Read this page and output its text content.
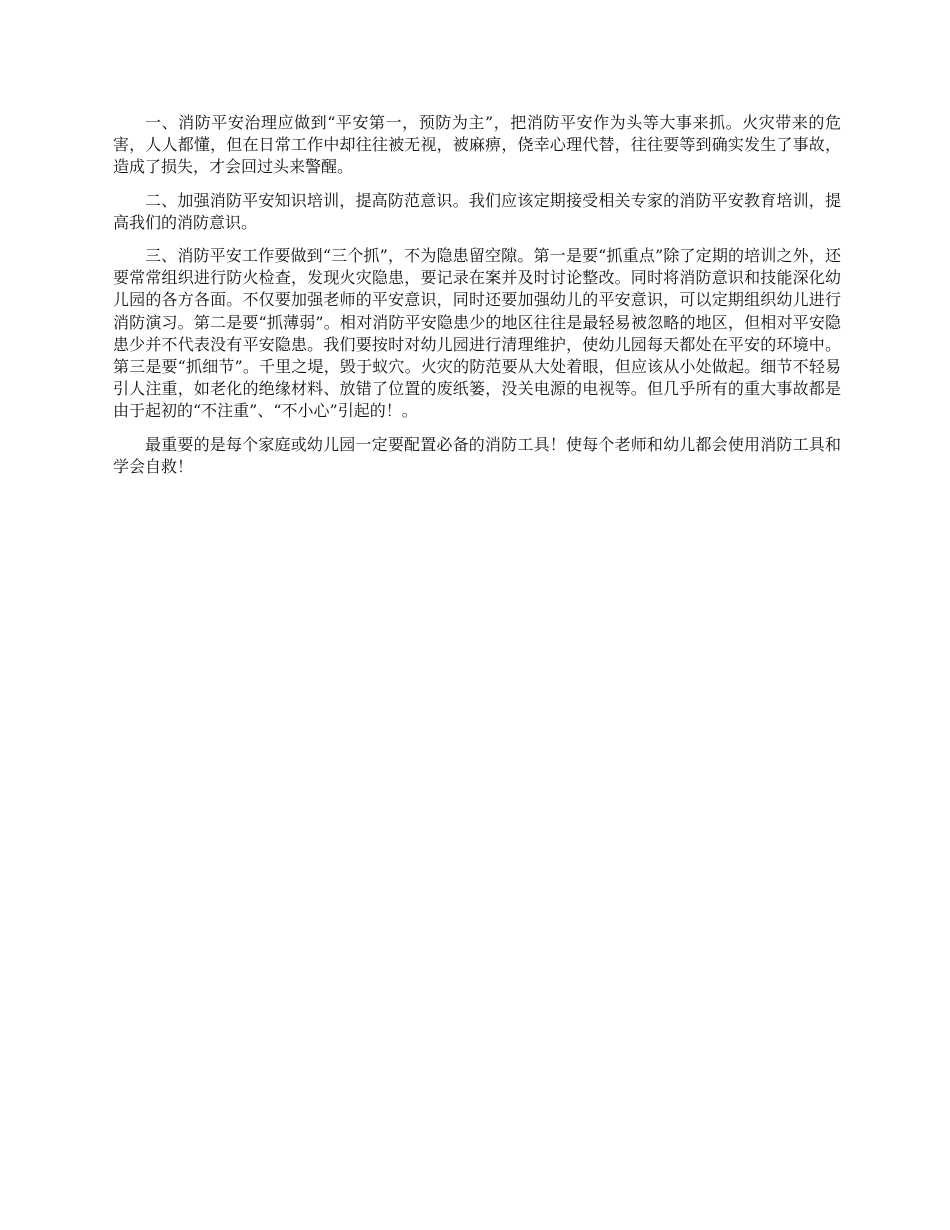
一、消防平安治理应做到“平安第一，预防为主”，把消防平安作为头等大事来抓。火灾带来的危害，人人都懂，但在日常工作中却往往被无视，被麻痹，侥幸心理代替，往往要等到确实发生了事故，造成了损失，才会回过头来警醒。

二、加强消防平安知识培训，提高防范意识。我们应该定期接受相关专家的消防平安教育培训，提高我们的消防意识。

三、消防平安工作要做到“三个抓”，不为隐患留空隙。第一是要“抓重点”除了定期的培训之外，还要常常组织进行防火检查，发现火灾隐患，要记录在案并及时讨论整改。同时将消防意识和技能深化幼儿园的各方各面。不仅要加强老师的平安意识，同时还要加强幼儿的平安意识，可以定期组织幼儿进行消防演习。第二是要“抓薄弱”。相对消防平安隐患少的地区往往是最轻易被忽略的地区，但相对平安隐患少并不代表没有平安隐患。我们要按时对幼儿园进行清理维护，使幼儿园每天都处在平安的环境中。第三是要“抓细节”。千里之堤，毁于蚁穴。火灾的防范要从大处着眼，但应该从小处做起。细节不轻易引人注重，如老化的绝缘材料、放错了位置的废纸篓，没关电源的电视等。但几乎所有的重大事故都是由于起初的“不注重”、“不小心”引起的！。

最重要的是每个家庭或幼儿园一定要配置必备的消防工具！使每个老师和幼儿都会使用消防工具和学会自救！
